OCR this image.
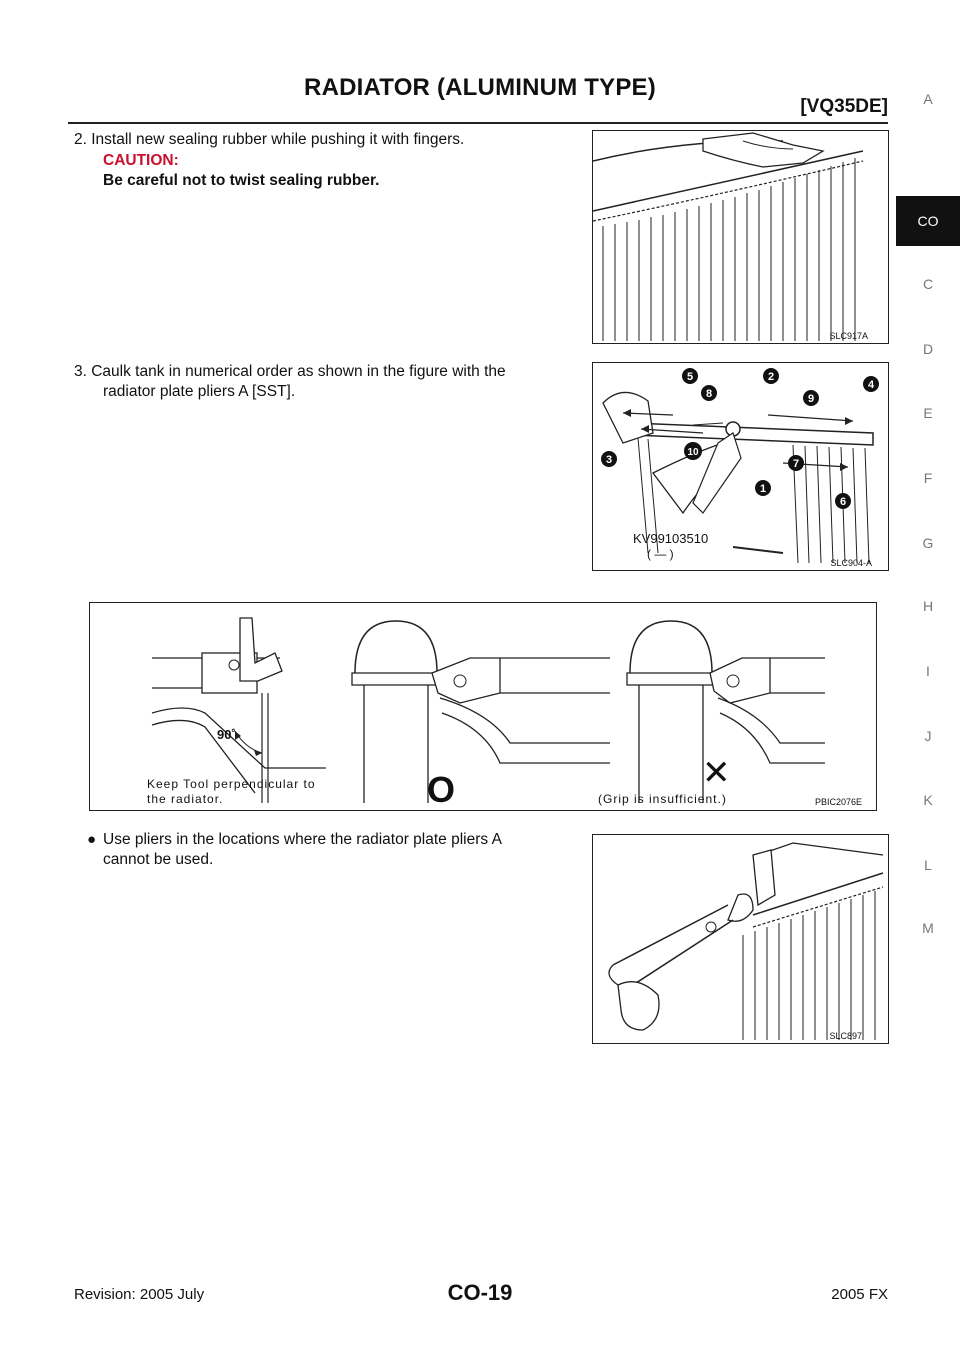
RADIATOR (ALUMINUM TYPE)
[VQ35DE]	A
CO
C
D
E
F
G
H
I
J
K
L
M
2. Install new sealing rubber while pushing it with fingers.
CAUTION:
Be careful not to twist sealing rubber.
SLC917A
3. Caulk tank in numerical order as shown in the figure with the
radiator plate pliers A [SST].
1
2
3
4
5
6
7
8	9
10
KV99103510
( — )
SLC904-A
90˚
Keep Tool perpendicular to
the radiator.	O	✕
(Grip is insufficient.)	PBIC2076E
● Use pliers in the locations where the radiator plate pliers A
cannot be used.
SLC897
Revision: 2005 July	CO-19	2005 FX
